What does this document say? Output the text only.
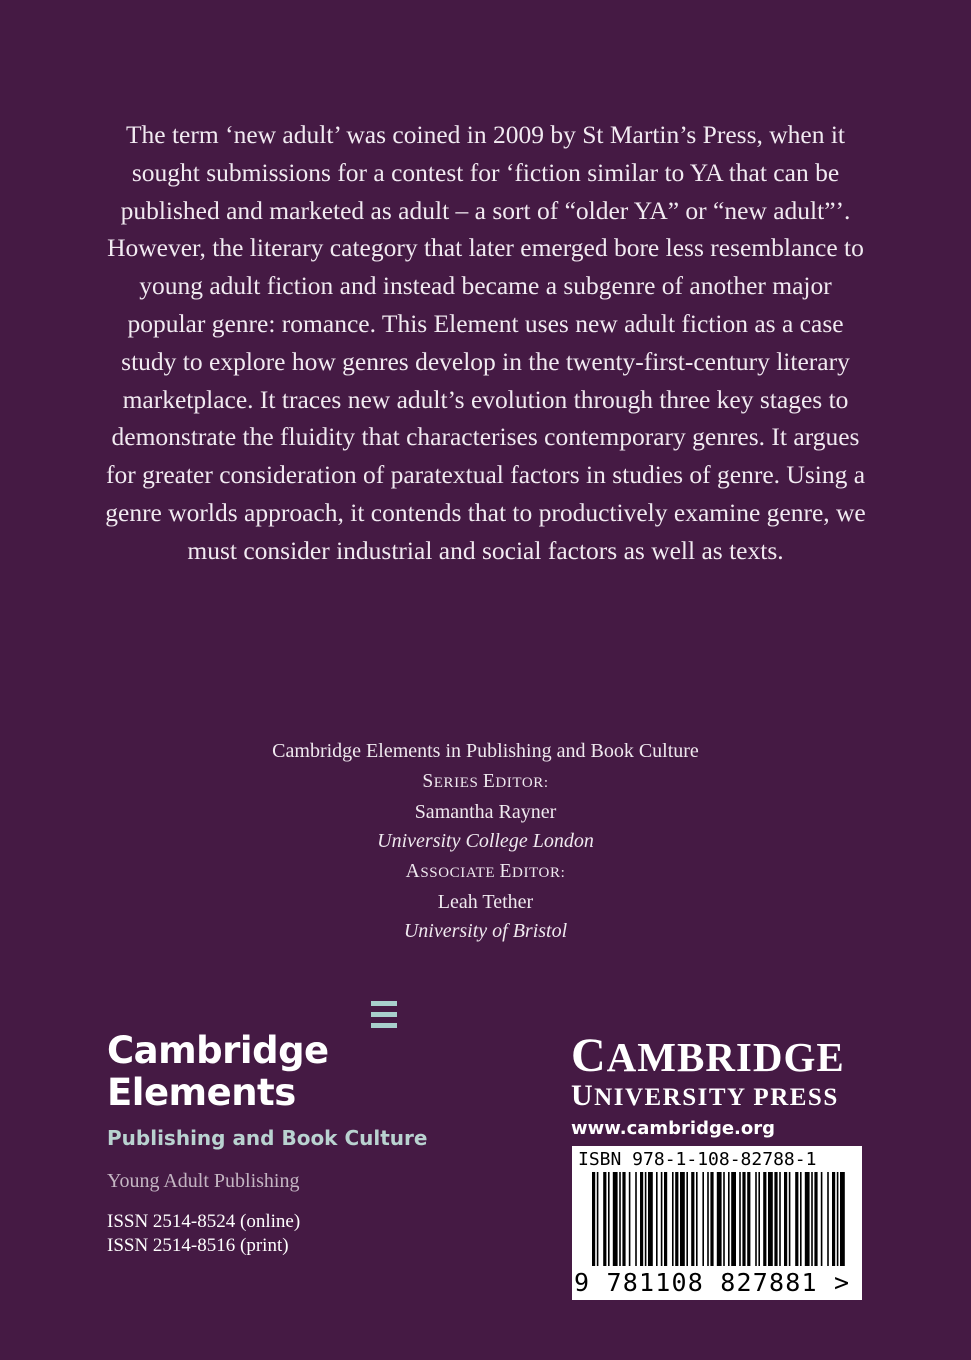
The term ‘new adult’ was coined in 2009 by St Martin’s Press, when it sought submissions for a contest for ‘fiction similar to YA that can be published and marketed as adult – a sort of “older YA” or “new adult”’. However, the literary category that later emerged bore less resemblance to young adult fiction and instead became a subgenre of another major popular genre: romance. This Element uses new adult fiction as a case study to explore how genres develop in the twenty-first-century literary marketplace. It traces new adult’s evolution through three key stages to demonstrate the fluidity that characterises contemporary genres. It argues for greater consideration of paratextual factors in studies of genre. Using a genre worlds approach, it contends that to productively examine genre, we must consider industrial and social factors as well as texts.

Cambridge Elements in Publishing and Book Culture
SERIES EDITOR:
Samantha Rayner
University College London
ASSOCIATE EDITOR:
Leah Tether
University of Bristol
Cambridge
Elements
Publishing and Book Culture
Young Adult Publishing
ISSN 2514-8524 (online)
ISSN 2514-8516 (print)
CAMBRIDGE
UNIVERSITY PRESS
www.cambridge.org
ISBN 978-1-108-82788-1
9 781108 827881 >
